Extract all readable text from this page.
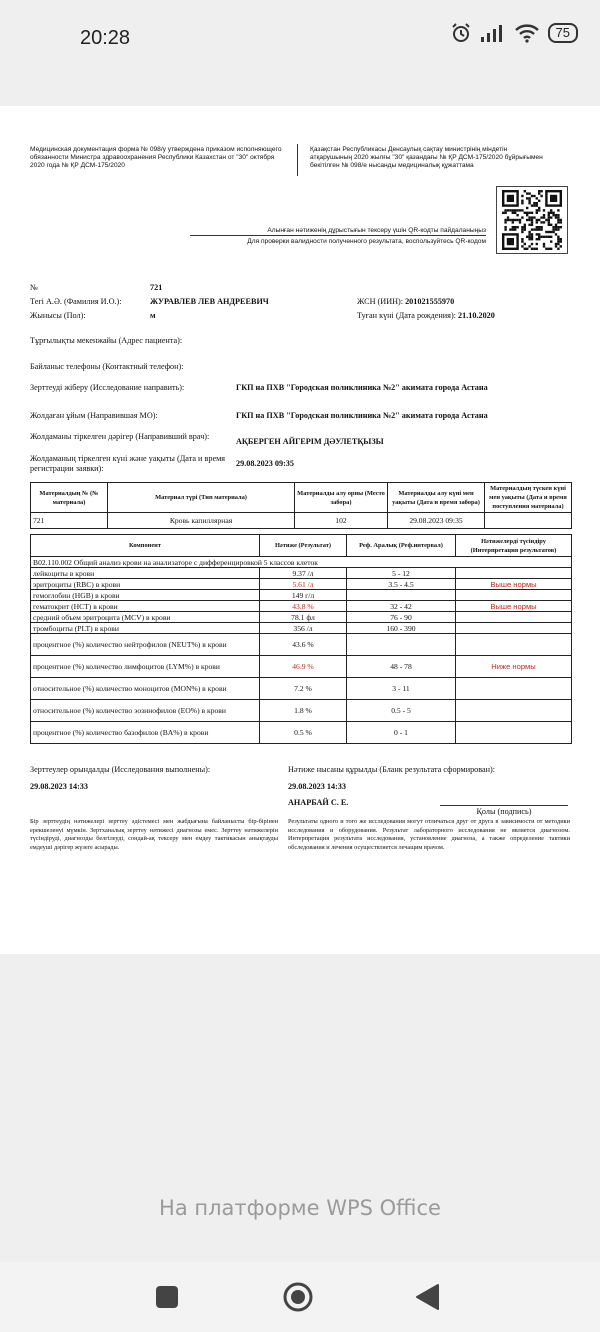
20:28	75
Медицинская документация форма № 098/у утверждена приказом исполняющего обязанности Министра здравоохранения Республики Казахстан от "30" октября 2020 года № ҚР ДСМ-175/2020
Қазақстан Республикасы Денсаулық сақтау министрінің міндетін атқарушының 2020 жылғы "30" қазандағы № ҚР ДСМ-175/2020 бұйрығымен бекітілген № 098/е нысанды медициналық құжаттама
Алынған нәтиженің дұрыстығын тексеру үшін QR-кодты пайдаланыңыз
Для проверки валидности полученного результата, воспользуйтесь QR-кодом
№	721
Тегі А.Ә. (Фамилия И.О.):	ЖУРАВЛЕВ ЛЕВ АНДРЕЕВИЧ	ЖСН (ИИН): 201021555970
Жынысы (Пол):	м	Туған күні (Дата рождения): 21.10.2020
Тұрғылықты мекенжайы (Адрес пациента):
Байланыс телефоны (Контактный телефон):
Зерттеуді жіберу (Исследование направить):	ГКП на ПХВ "Городская поликлиника №2" акимата города Астана
Жолдаған ұйым (Направившая МО):	ГКП на ПХВ "Городская поликлиника №2" акимата города Астана
Жолдаманы тіркелген дәрігер (Направивший врач):
АҚБЕРГЕН АЙГЕРІМ ДӘУЛЕТҚЫЗЫ
Жолдаманың тіркелген күні және уақыты (Дата и время регистрации заявки):
29.08.2023 09:35
Материалдың № (№ материала)	Материал түрі (Тип материала)	Материалды алу орны (Место забора)	Материалды алу күні мен уақыты (Дата и время забора)	Материалдың түскен күні мен уақыты (Дата и время поступления материала)
721	Кровь капиллярная	102	29.08.2023 09:35	
Компонент	Нәтиже (Результат)	Реф. Аралық (Реф.интервал)	Нәтижелерді түсіндіру (Интерпретация результатов)
В02.110.002 Общий анализ крови на анализаторе с дифференцировкой 5 классов клеток			
лейкоциты в крови	9.37 /л	5 - 12	
эритроциты (RBC) в крови	5.61 /л	3.5 - 4.5	Выше нормы
гемоглобин (HGB) в крови	149 г/л		
гематокрит (HCT) в крови	43.8 %	32 - 42	Выше нормы
средний объем эритроцита (MCV) в крови	78.1 фл	76 - 90	
тромбоциты (PLT) в крови	356 /л	160 - 390	
процентное (%) количество нейтрофилов (NEUT%) в крови	43.6 %		
процентное (%) количество лимфоцитов (LYM%) в крови	46.9 %	48 - 78	Ниже нормы
относительное (%) количество моноцитов (MON%) в крови	7.2 %	3 - 11	
относительное (%) количество эозинофилов (EO%) в крови	1.8 %	0.5 - 5	
процентное (%) количество базофилов (BA%) в крови	0.5 %	0 - 1	
Зерттеулер орындалды (Исследования выполнены):
29.08.2023 14:33
Нәтиже нысаны құрылды (Бланк результата сформирован):
29.08.2023 14:33
АНАРБАЙ С. Е.
Қолы (подпись)
Бір зерттеудің нәтижелері зерттеу әдістемесі мен жабдығына байланысты бір-бірінен ерекшеленуі мүмкін. Зертханалық зерттеу нәтижесі диагнозы емес. Зерттеу нәтижелерін түсіндіруді, диагнозды белгілеуді, сондай-ақ тексеру мен емдеу тактикасын анықтауды емдеуші дәрігер жүзеге асырады.
Результаты одного и того же исследования могут отличаться друг от друга в зависимости от методики исследования и оборудования. Результат лабораторного исследования не является диагнозом. Интерпретация результата исследования, установление диагноза, а также определение тактики обследования и лечения осуществляется лечащим врачом.
На платформе WPS Office
